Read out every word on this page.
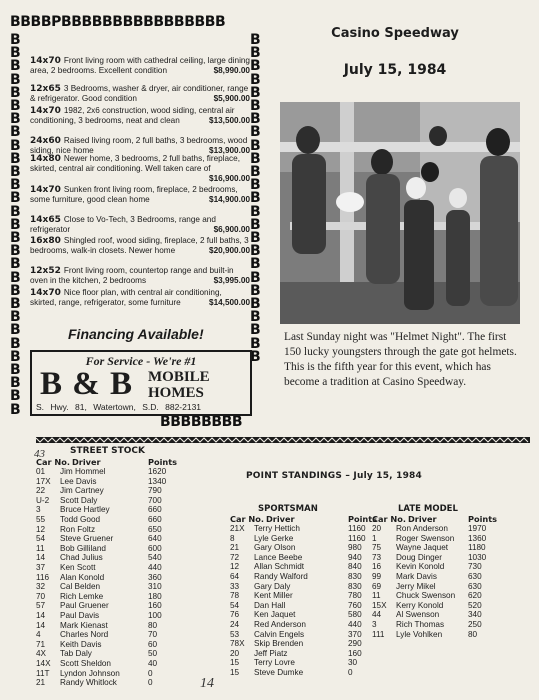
BBBBPBBBBBBBBBBBBBBBB
BBBBBBBBBBBBBBBBBBBBBBBBBBBBB
BBBBBBBBBBBBBBBBBBBBBBBBB
BBBBBBBB
14x70 Front living room with cathedral ceiling, large dining area, 2 bedrooms. Excellent condition	$8,990.00
12x65 3 Bedrooms, washer & dryer, air conditioner, range & refrigerator. Good condition	$5,900.00
14x70 1982, 2x6 construction, wood siding, central air conditioning, 3 bedrooms, neat and clean	$13,500.00
24x60 Raised living room, 2 full baths, 3 bedrooms, wood siding, nice home	$13,900.00
14x80 Newer home, 3 bedrooms, 2 full baths, fireplace, skirted, central air conditioning. Well taken care of
$16,900.00
14x70 Sunken front living room, fireplace, 2 bedrooms, some furniture, good clean home	$14,900.00
14x65 Close to Vo-Tech, 3 Bedrooms, range and refrigerator	$6,900.00
16x80 Shingled roof, wood siding, fireplace, 2 full baths, 3 bedrooms, walk-in closets. Newer home	$20,900.00
12x52 Front living room, countertop range and built-in oven in the kitchen, 2 bedrooms	$3,995.00
14x70 Nice floor plan, with central air conditioning, skirted, range, refrigerator, some furniture	$14,500.00
Financing Available!
For Service - We're #1
B & B MOBILE
HOMES
S. Hwy. 81, Watertown, S.D. 882-2131
Casino Speedway
July 15, 1984
Last Sunday night was "Helmet Night". The first 150 lucky youngsters through the gate got helmets. This is the fifth year for this event, which has become a tradition at Casino Speedway.
43	STREET STOCK
Car No. Driver	Points
01	Jim Hommel	1620
17X	Lee Davis	1340
22	Jim Cartney	790
U-2	Scott Daly	700
3	Bruce Hartley	660
55	Todd Good	660
12	Ron Foltz	650
54	Steve Gruener	640
11	Bob Gilliland	600
14	Chad Julius	540
37	Ken Scott	440
116	Alan Konold	360
32	Cal Belden	310
70	Rich Lemke	180
57	Paul Gruener	160
14	Paul Davis	100
14	Mark Kienast	80
4	Charles Nord	70
71	Keith Davis	60
4X	Tab Daly	50
14X	Scott Sheldon	40
11T	Lyndon Johnson	0
21	Randy Whitlock	0
POINT STANDINGS – July 15, 1984
SPORTSMAN
Car No. Driver	Points
21X	Terry Hettich	1160
8	Lyle Gerke	1160
21	Gary Olson	980
72	Lance Beebe	940
12	Allan Schmidt	840
64	Randy Walford	830
33	Gary Daly	830
78	Kent Miller	780
54	Dan Hall	760
76	Ken Jaquet	580
24	Red Anderson	440
53	Calvin Engels	370
78X	Skip Brenden	290
20	Jeff Piatz	160
15	Terry Lovre	30
15	Steve Dumke	0
LATE MODEL
Car No. Driver	Points
20	Ron Anderson	1970
1	Roger Swenson	1360
75	Wayne Jaquet	1180
73	Doug Dinger	1030
16	Kevin Konold	730
99	Mark Davis	630
69	Jerry Mikel	630
11	Chuck Swenson	620
15X	Kerry Konold	520
44	Al Swenson	340
3	Rich Thomas	250
111	Lyle Vohlken	80
14
